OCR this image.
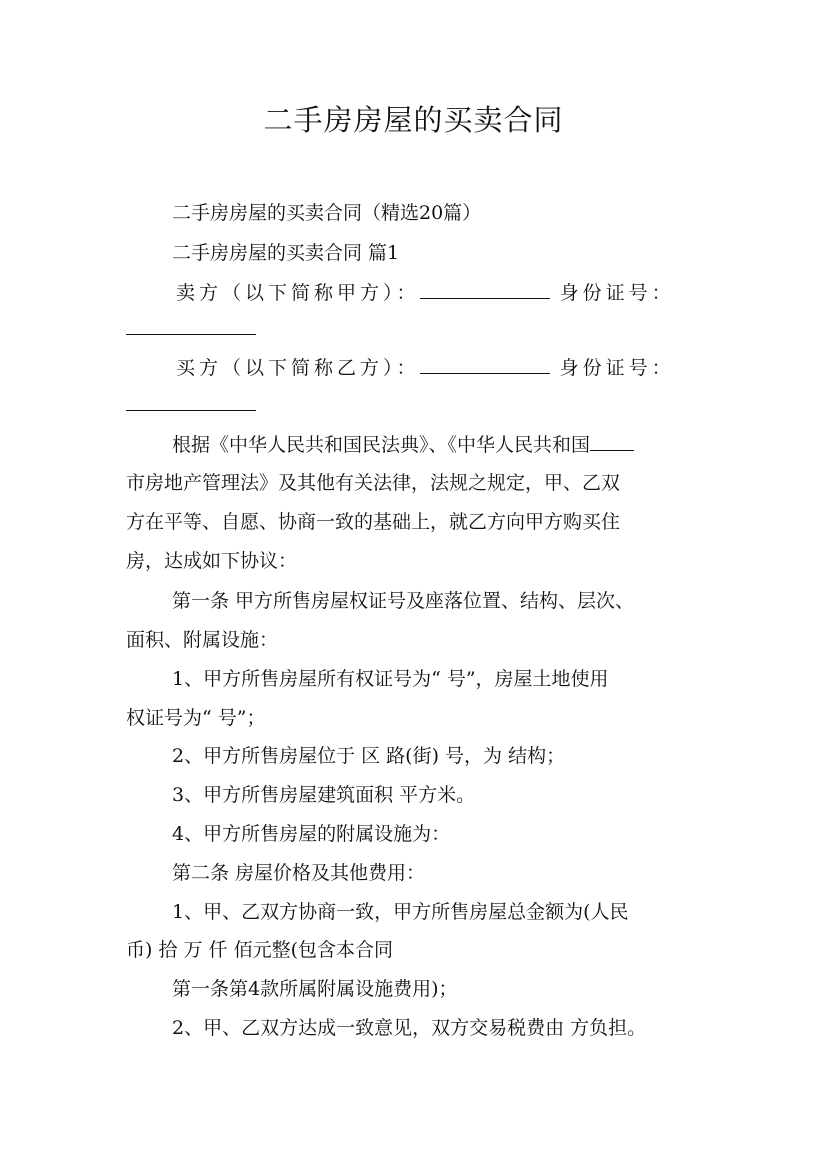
二手房房屋的买卖合同
二手房房屋的买卖合同（精选20篇）
二手房房屋的买卖合同 篇1
卖方（以下简称甲方）：	身份证号：
买方（以下简称乙方）：	身份证号：
根据《中华人民共和国民法典》、《中华人民共和国
市房地产管理法》及其他有关法律，法规之规定，甲、乙双
方在平等、自愿、协商一致的基础上，就乙方向甲方购买住
房，达成如下协议：
第一条 甲方所售房屋权证号及座落位置、结构、层次、
面积、附属设施：
1、甲方所售房屋所有权证号为“ 号”，房屋土地使用
权证号为“ 号”；
2、甲方所售房屋位于 区 路(街) 号，为 结构；
3、甲方所售房屋建筑面积 平方米。
4、甲方所售房屋的附属设施为：
第二条 房屋价格及其他费用：
1、甲、乙双方协商一致，甲方所售房屋总金额为(人民
币) 拾 万 仟 佰元整(包含本合同
第一条第4款所属附属设施费用)；
2、甲、乙双方达成一致意见，双方交易税费由 方负担。
